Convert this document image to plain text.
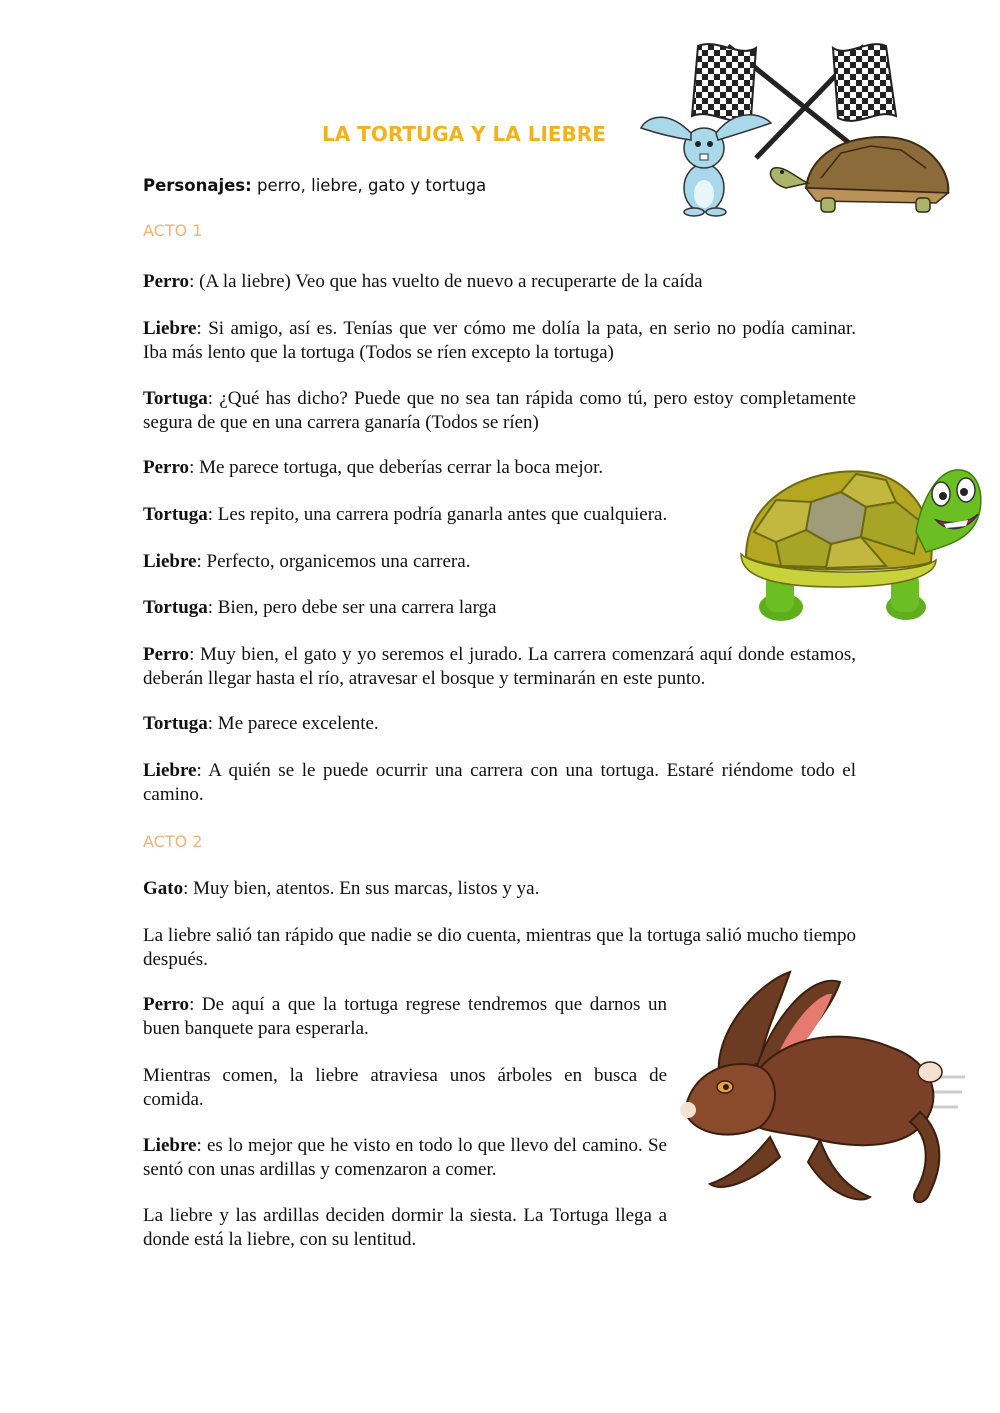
LA TORTUGA Y LA LIEBRE
Personajes: perro, liebre, gato y tortuga
ACTO 1

Perro: (A la liebre) Veo que has vuelto de nuevo a recuperarte de la caída

Liebre: Si amigo, así es. Tenías que ver cómo me dolía la pata, en serio no podía caminar. Iba más lento que la tortuga (Todos se ríen excepto la tortuga)

Tortuga: ¿Qué has dicho? Puede que no sea tan rápida como tú, pero estoy completamente segura de que en una carrera ganaría (Todos se ríen)

Perro: Me parece tortuga, que deberías cerrar la boca mejor.

Tortuga: Les repito, una carrera podría ganarla antes que cualquiera.

Liebre: Perfecto, organicemos una carrera.

Tortuga: Bien, pero debe ser una carrera larga

Perro: Muy bien, el gato y yo seremos el jurado. La carrera comenzará aquí donde estamos, deberán llegar hasta el río, atravesar el bosque y terminarán en este punto.

Tortuga: Me parece excelente.

Liebre: A quién se le puede ocurrir una carrera con una tortuga. Estaré riéndome todo el camino.

ACTO 2

Gato: Muy bien, atentos. En sus marcas, listos y ya.

La liebre salió tan rápido que nadie se dio cuenta, mientras que la tortuga salió mucho tiempo después.

Perro: De aquí a que la tortuga regrese tendremos que darnos un buen banquete para esperarla.

Mientras comen, la liebre atraviesa unos árboles en busca de comida.

Liebre: es lo mejor que he visto en todo lo que llevo del camino. Se sentó con unas ardillas y comenzaron a comer.

La liebre y las ardillas deciden dormir la siesta. La Tortuga llega a donde está la liebre, con su lentitud.
